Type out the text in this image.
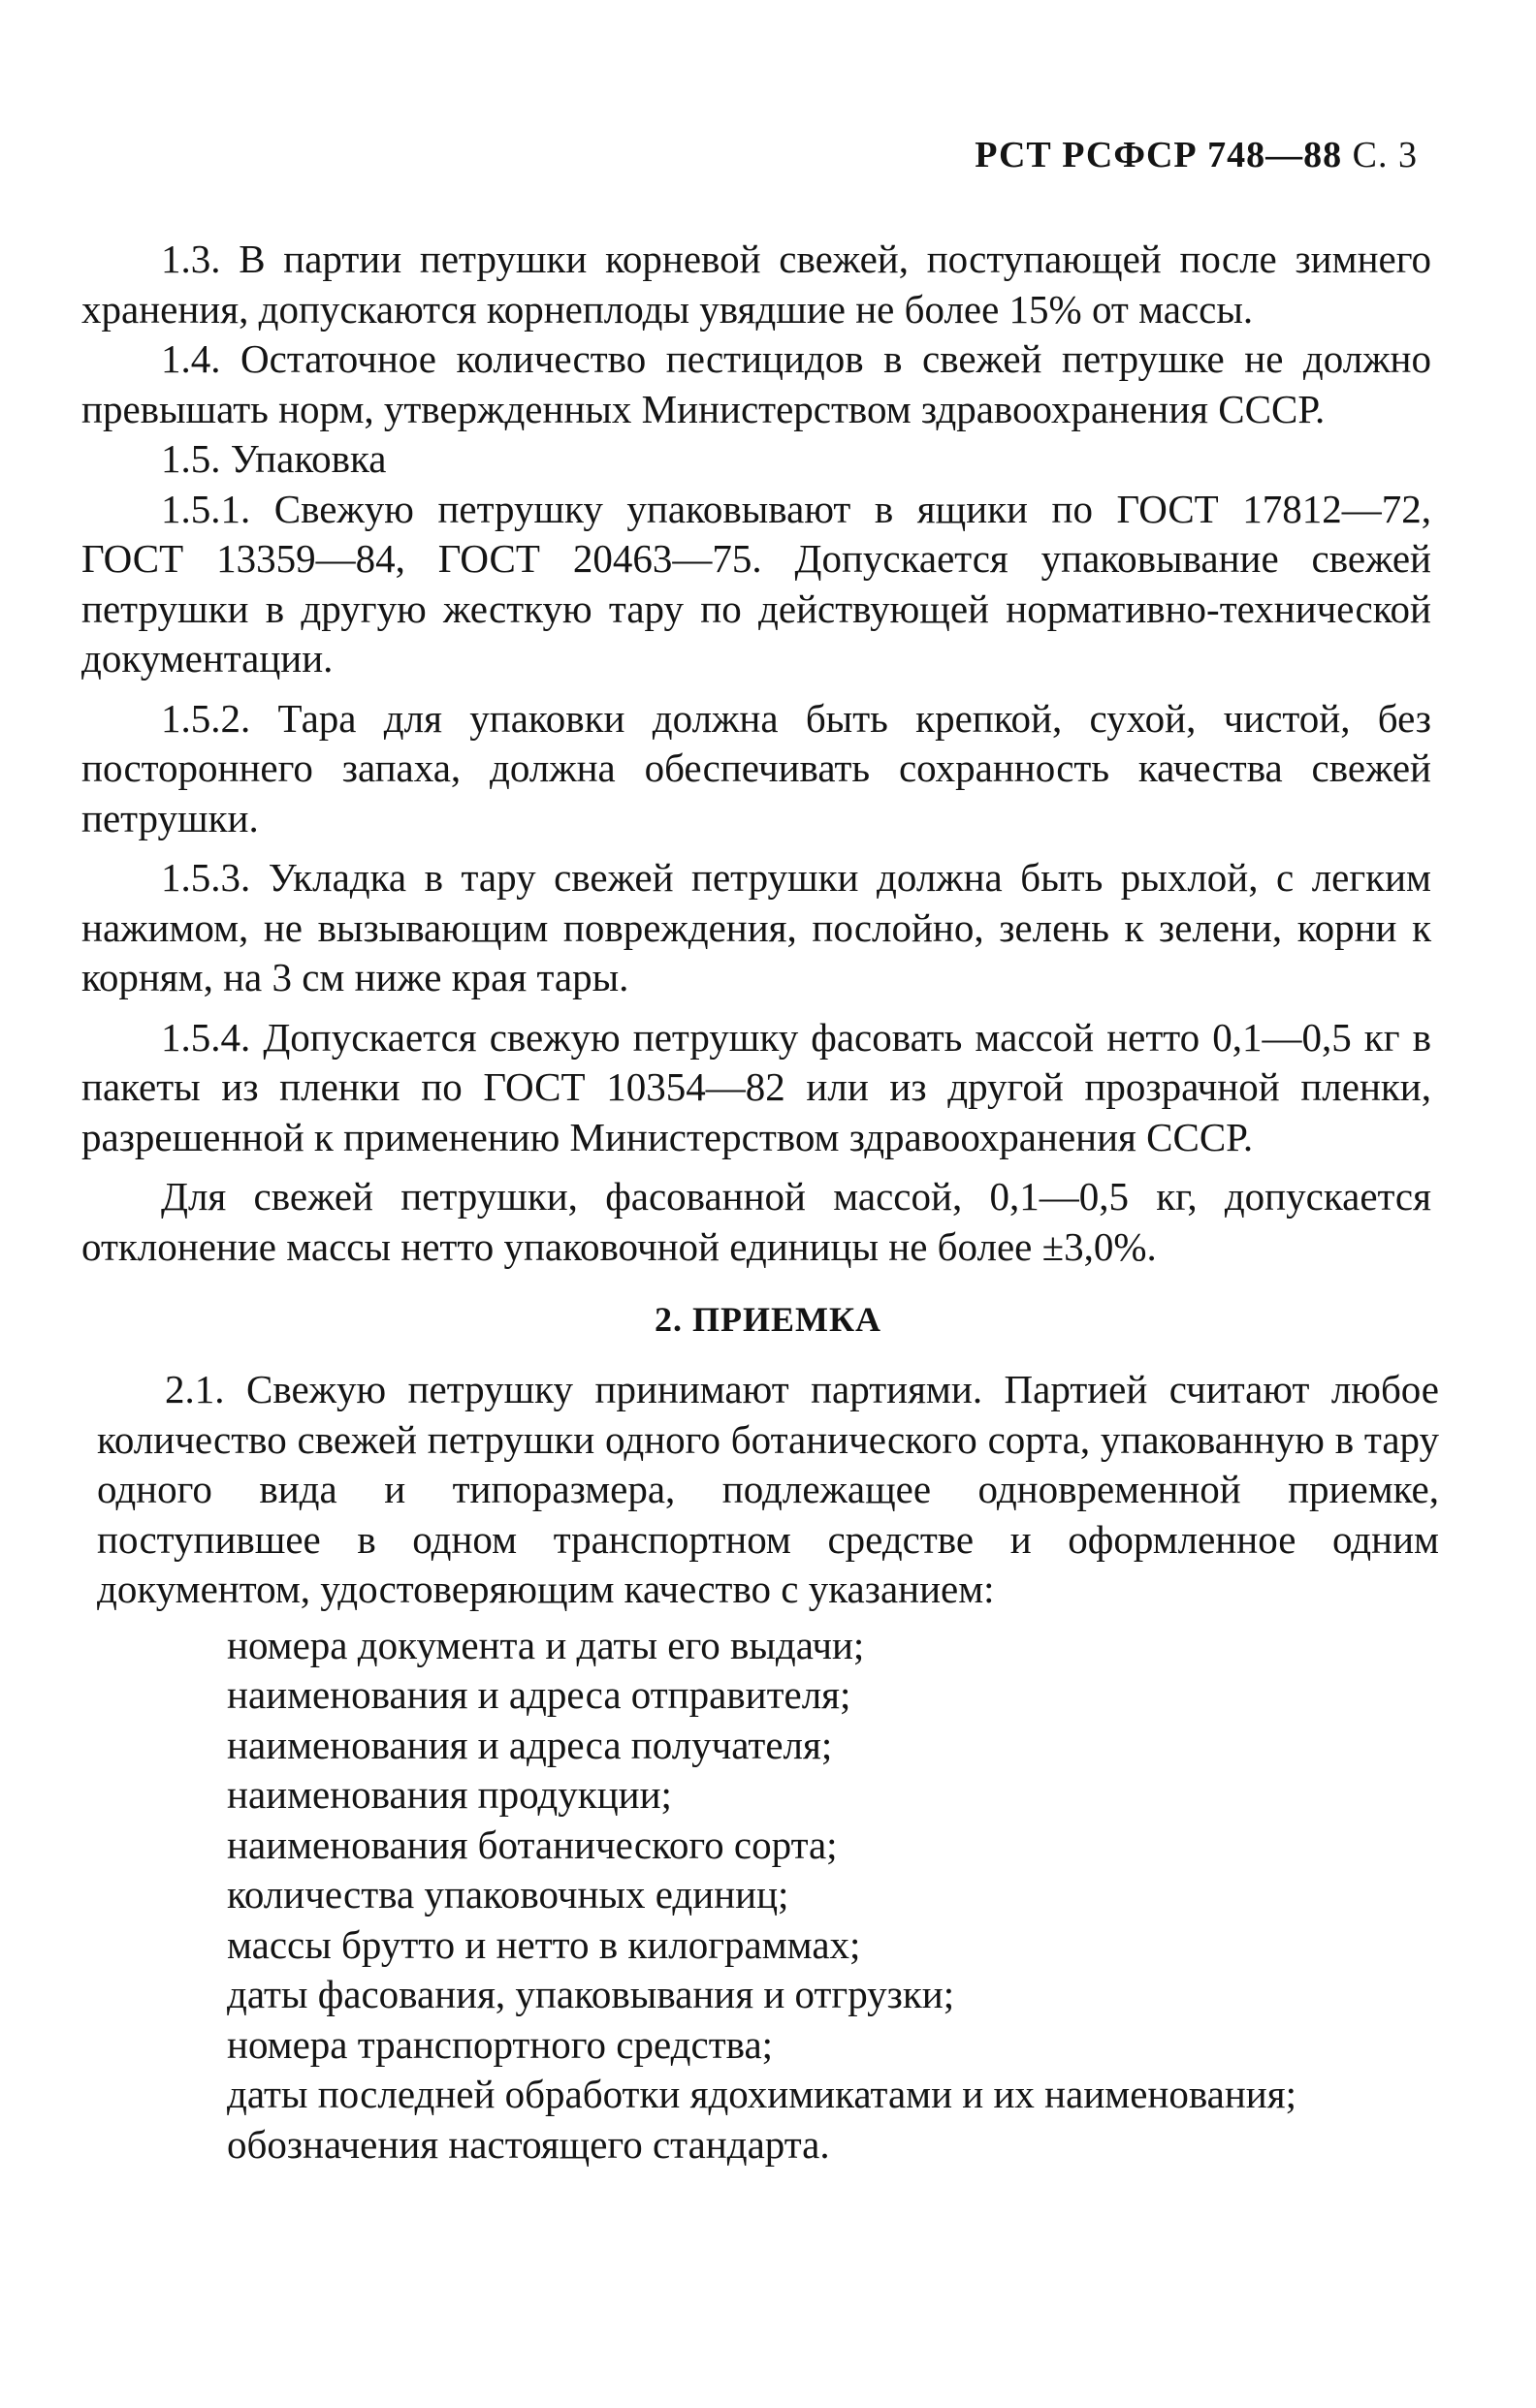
РСТ РСФСР 748—88 С. 3

1.3. В партии петрушки корневой свежей, поступающей после зимнего хранения, допускаются корнеплоды увядшие не более 15% от массы.

1.4. Остаточное количество пестицидов в свежей петрушке не должно превышать норм, утвержденных Министерством здравоохранения СССР.

1.5. Упаковка

1.5.1. Свежую петрушку упаковывают в ящики по ГОСТ 17812—72, ГОСТ 13359—84, ГОСТ 20463—75. Допускается упаковывание свежей петрушки в другую жесткую тару по действующей нормативно-технической документации.

1.5.2. Тара для упаковки должна быть крепкой, сухой, чистой, без постороннего запаха, должна обеспечивать сохранность качества свежей петрушки.

1.5.3. Укладка в тару свежей петрушки должна быть рыхлой, с легким нажимом, не вызывающим повреждения, послойно, зелень к зелени, корни к корням, на 3 см ниже края тары.

1.5.4. Допускается свежую петрушку фасовать массой нетто 0,1—0,5 кг в пакеты из пленки по ГОСТ 10354—82 или из другой прозрачной пленки, разрешенной к применению Министерством здравоохранения СССР.

Для свежей петрушки, фасованной массой, 0,1—0,5 кг, допускается отклонение массы нетто упаковочной единицы не более ±3,0%.

2. ПРИЕМКА

2.1. Свежую петрушку принимают партиями. Партией считают любое количество свежей петрушки одного ботанического сорта, упакованную в тару одного вида и типоразмера, подлежащее одновременной приемке, поступившее в одном транспортном средстве и оформленное одним документом, удостоверяющим качество с указанием:

номера документа и даты его выдачи;
наименования и адреса отправителя;
наименования и адреса получателя;
наименования продукции;
наименования ботанического сорта;
количества упаковочных единиц;
массы брутто и нетто в килограммах;
даты фасования, упаковывания и отгрузки;
номера транспортного средства;
даты последней обработки ядохимикатами и их наименования;
обозначения настоящего стандарта.
